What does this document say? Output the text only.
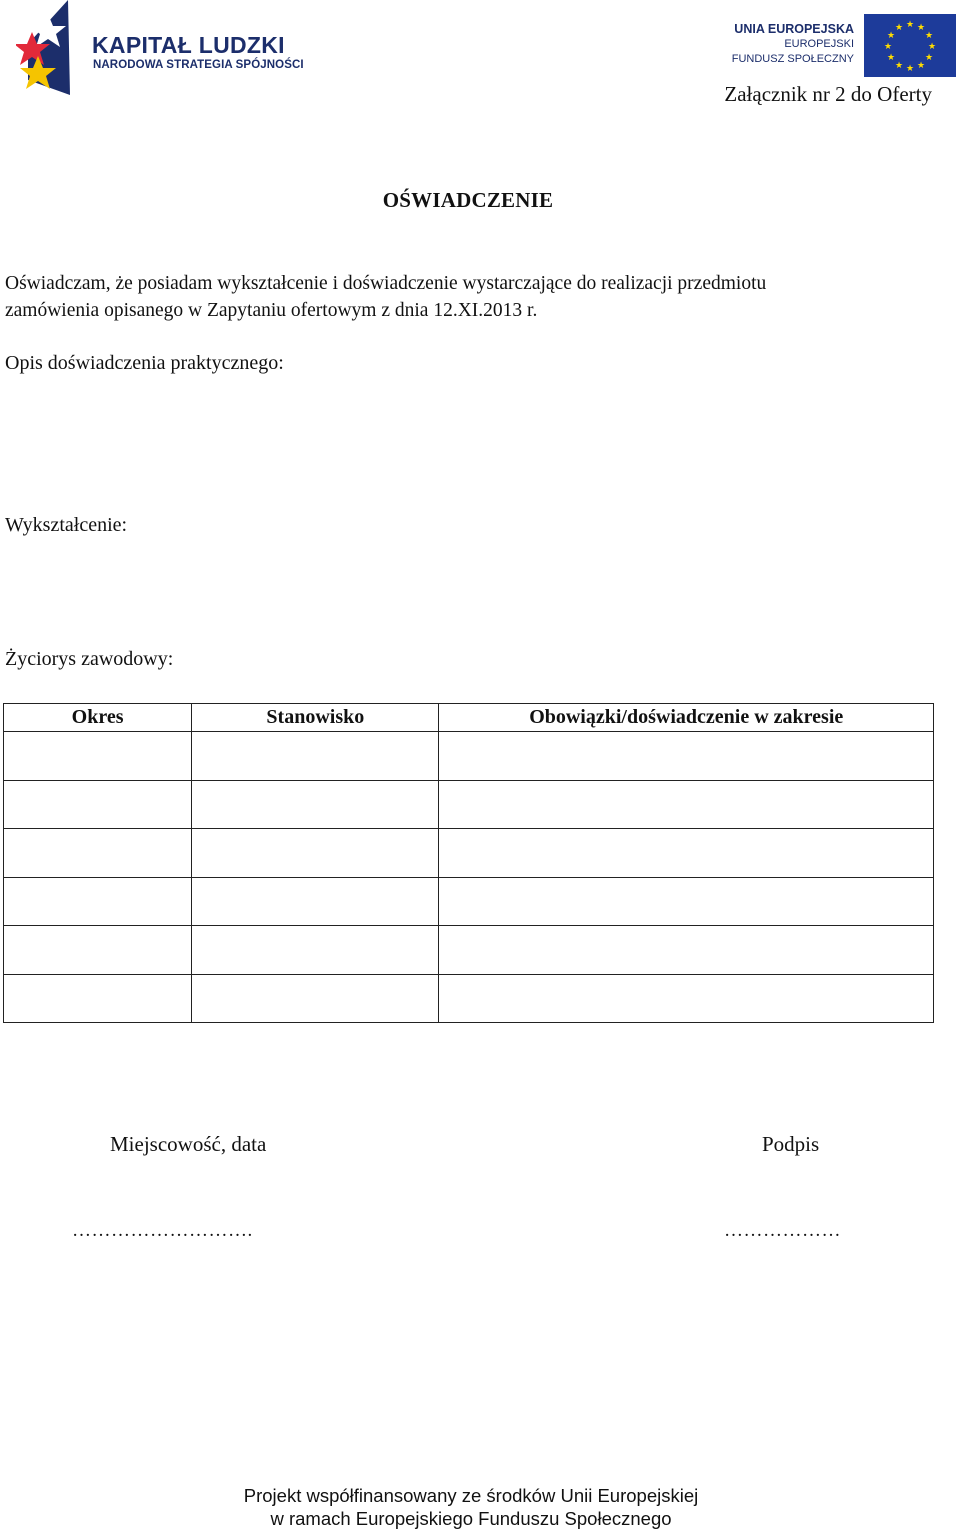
KAPITAŁ LUDZKI
NARODOWA STRATEGIA SPÓJNOŚCI
UNIA EUROPEJSKA
EUROPEJSKI
FUNDUSZ SPOŁECZNY
★ ★
★
★
★
★
★
★
★
★
★
★
Załącznik nr 2 do Oferty
OŚWIADCZENIE
Oświadczam, że posiadam wykształcenie i doświadczenie wystarczające do realizacji przedmiotu
zamówienia opisanego w Zapytaniu ofertowym z dnia 12.XI.2013 r.
Opis doświadczenia praktycznego:
Wykształcenie:
Życiorys zawodowy:
Okres	Stanowisko	Obowiązki/doświadczenie w zakresie

Miejscowość, data	Podpis
……………………….	………………
Projekt współfinansowany ze środków Unii Europejskiej
w ramach Europejskiego Funduszu Społecznego
